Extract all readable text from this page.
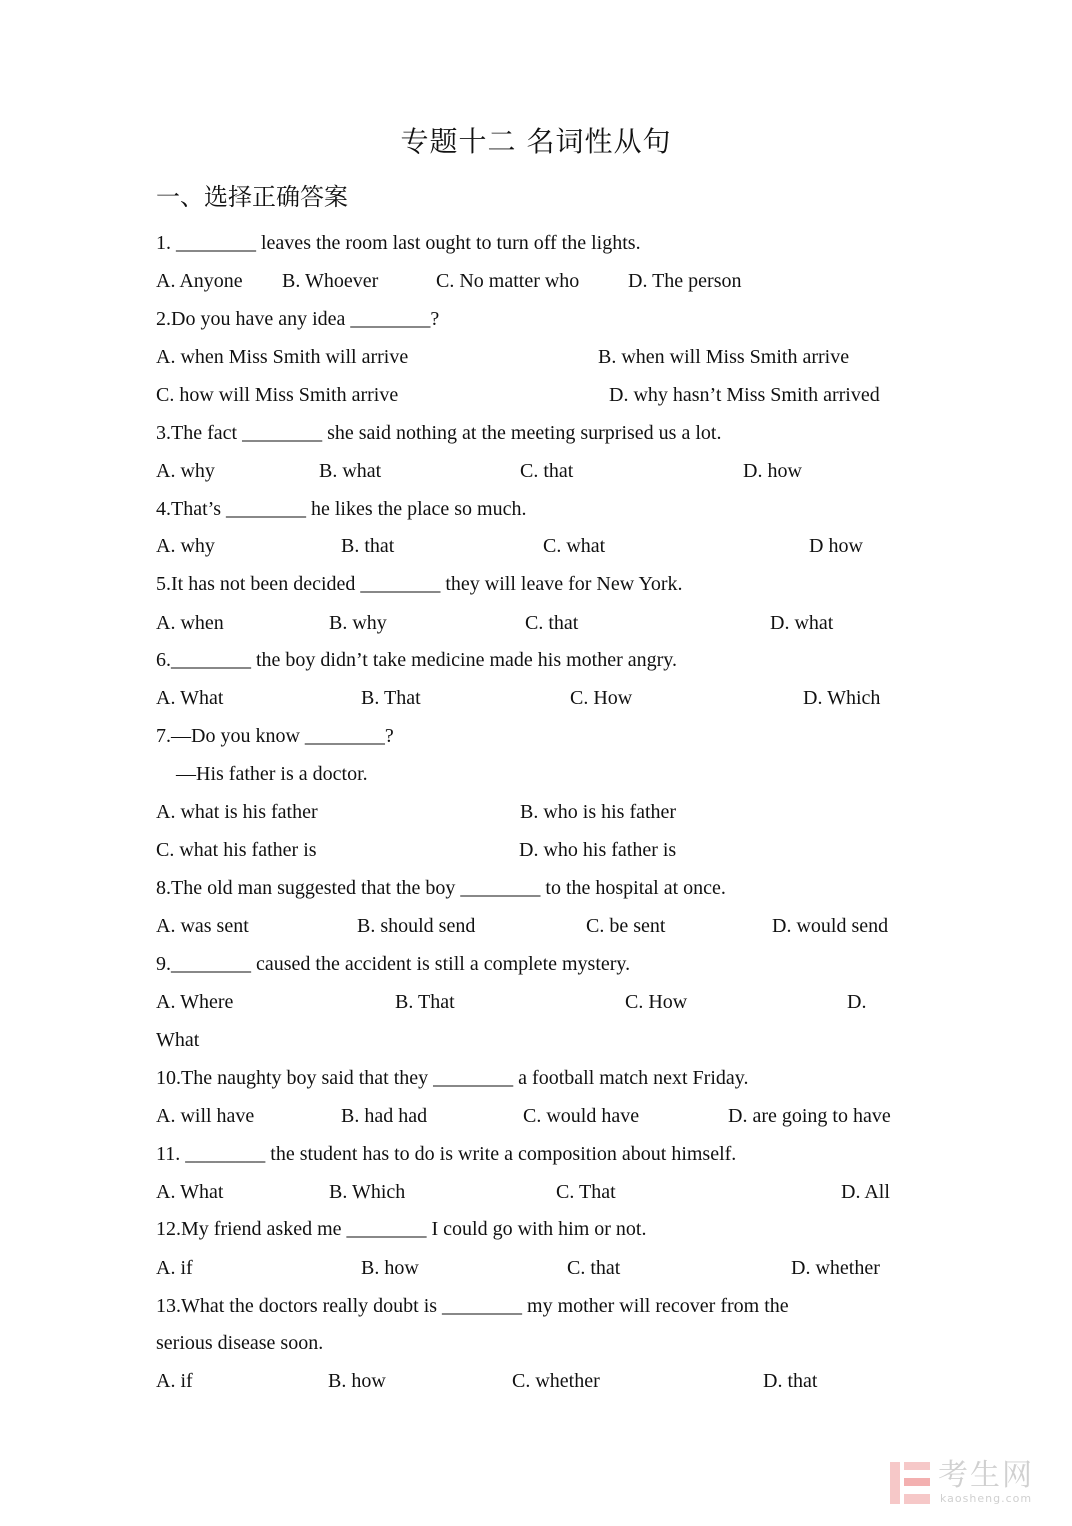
专题十二 名词性从句
一、选择正确答案
1. ________ leaves the room last ought to turn off the lights.
A. Anyone B. Whoever	C. No matter who D. The person
2.Do you have any idea ________?
A. when Miss Smith will arrive	B. when will Miss Smith arrive
C. how will Miss Smith arrive	D. why hasn’t Miss Smith arrived
3.The fact ________ she said nothing at the meeting surprised us a lot.
A. why	B. what	C. that	D. how
4.That’s ________ he likes the place so much.
A. why	B. that	C. what	D how
5.It has not been decided ________ they will leave for New York.
A. when	B. why	C. that	D. what
6.________ the boy didn’t take medicine made his mother angry.
A. What	B. That	C. How	D. Which
7.—Do you know ________?
—His father is a doctor.
A. what is his father	B. who is his father
C. what his father is	D. who his father is
8.The old man suggested that the boy ________ to the hospital at once.
A. was sent	B. should send	C. be sent	D. would send
9.________ caused the accident is still a complete mystery.
A. Where	B. That	C. How	D.
What
10.The naughty boy said that they ________ a football match next Friday.
A. will have	B. had had	C. would have	D. are going to have
11. ________ the student has to do is write a composition about himself.
A. What	B. Which	C. That	D. All
12.My friend asked me ________ I could go with him or not.
A. if	B. how	C. that	D. whether
13.What the doctors really doubt is ________ my mother will recover from the
serious disease soon.
A. if	B. how	C. whether	D. that
考生网
kaosheng.com
